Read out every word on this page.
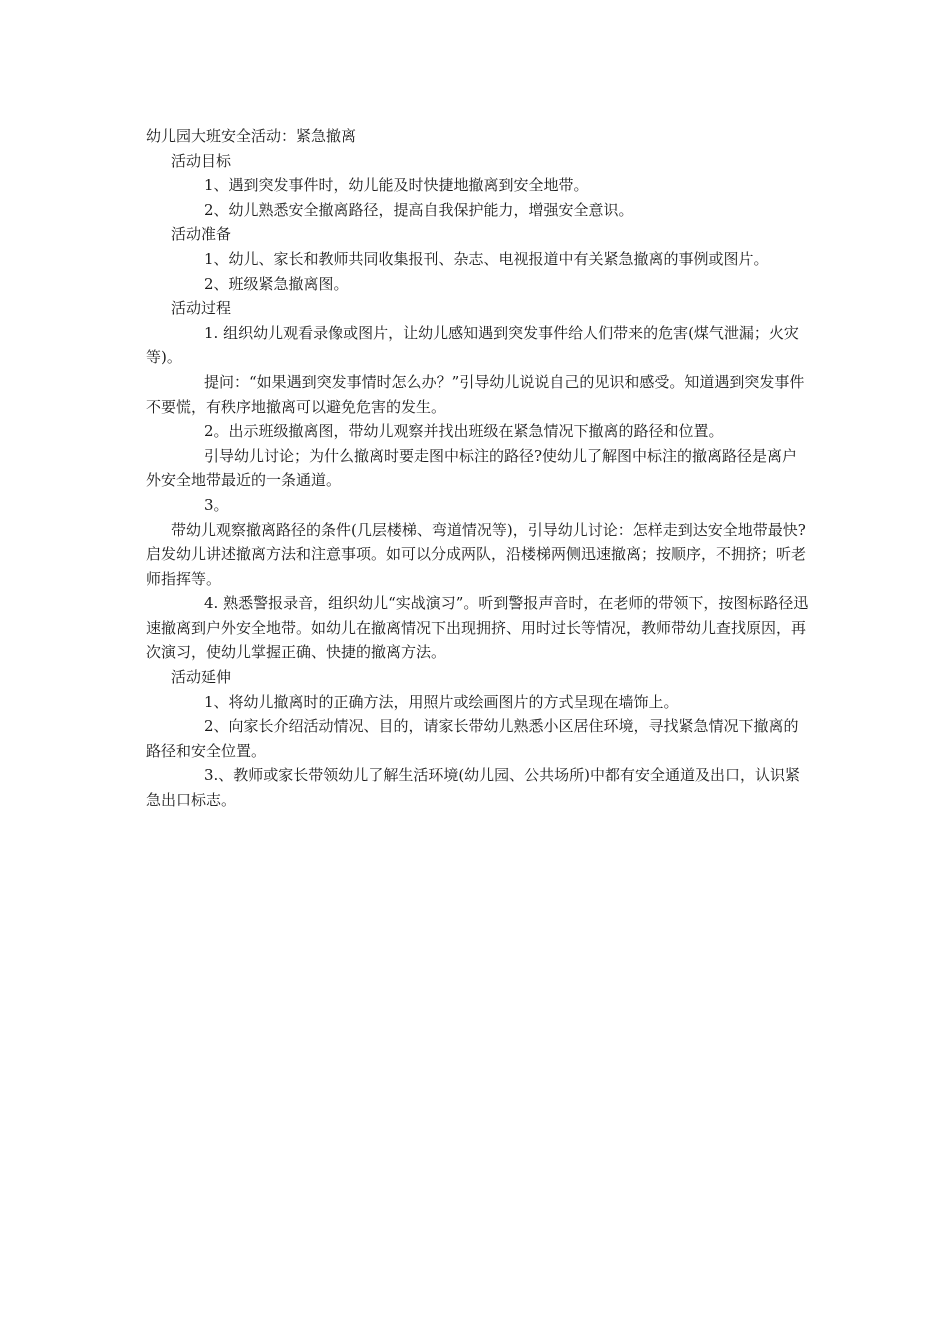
幼儿园大班安全活动：紧急撤离

活动目标

1、遇到突发事件时，幼儿能及时快捷地撤离到安全地带。

2、幼儿熟悉安全撤离路径，提高自我保护能力，增强安全意识。

活动准备

1、幼儿、家长和教师共同收集报刊、杂志、电视报道中有关紧急撤离的事例或图片。

2、班级紧急撤离图。

活动过程

1. 组织幼儿观看录像或图片，让幼儿感知遇到突发事件给人们带来的危害(煤气泄漏；火灾等)。

提问：“如果遇到突发事情时怎么办？”引导幼儿说说自己的见识和感受。知道遇到突发事件不要慌，有秩序地撤离可以避免危害的发生。

2。出示班级撤离图，带幼儿观察并找出班级在紧急情况下撤离的路径和位置。

引导幼儿讨论；为什么撤离时要走图中标注的路径?使幼儿了解图中标注的撤离路径是离户外安全地带最近的一条通道。

3。

带幼儿观察撤离路径的条件(几层楼梯、弯道情况等)，引导幼儿讨论：怎样走到达安全地带最快?启发幼儿讲述撤离方法和注意事项。如可以分成两队，沿楼梯两侧迅速撤离；按顺序，不拥挤；听老师指挥等。

4. 熟悉警报录音，组织幼儿“实战演习”。听到警报声音时，在老师的带领下，按图标路径迅速撤离到户外安全地带。如幼儿在撤离情况下出现拥挤、用时过长等情况，教师带幼儿查找原因，再次演习，使幼儿掌握正确、快捷的撤离方法。

活动延伸

1、将幼儿撤离时的正确方法，用照片或绘画图片的方式呈现在墙饰上。

2、向家长介绍活动情况、目的，请家长带幼儿熟悉小区居住环境，寻找紧急情况下撤离的路径和安全位置。

3.、教师或家长带领幼儿了解生活环境(幼儿园、公共场所)中都有安全通道及出口，认识紧急出口标志。
